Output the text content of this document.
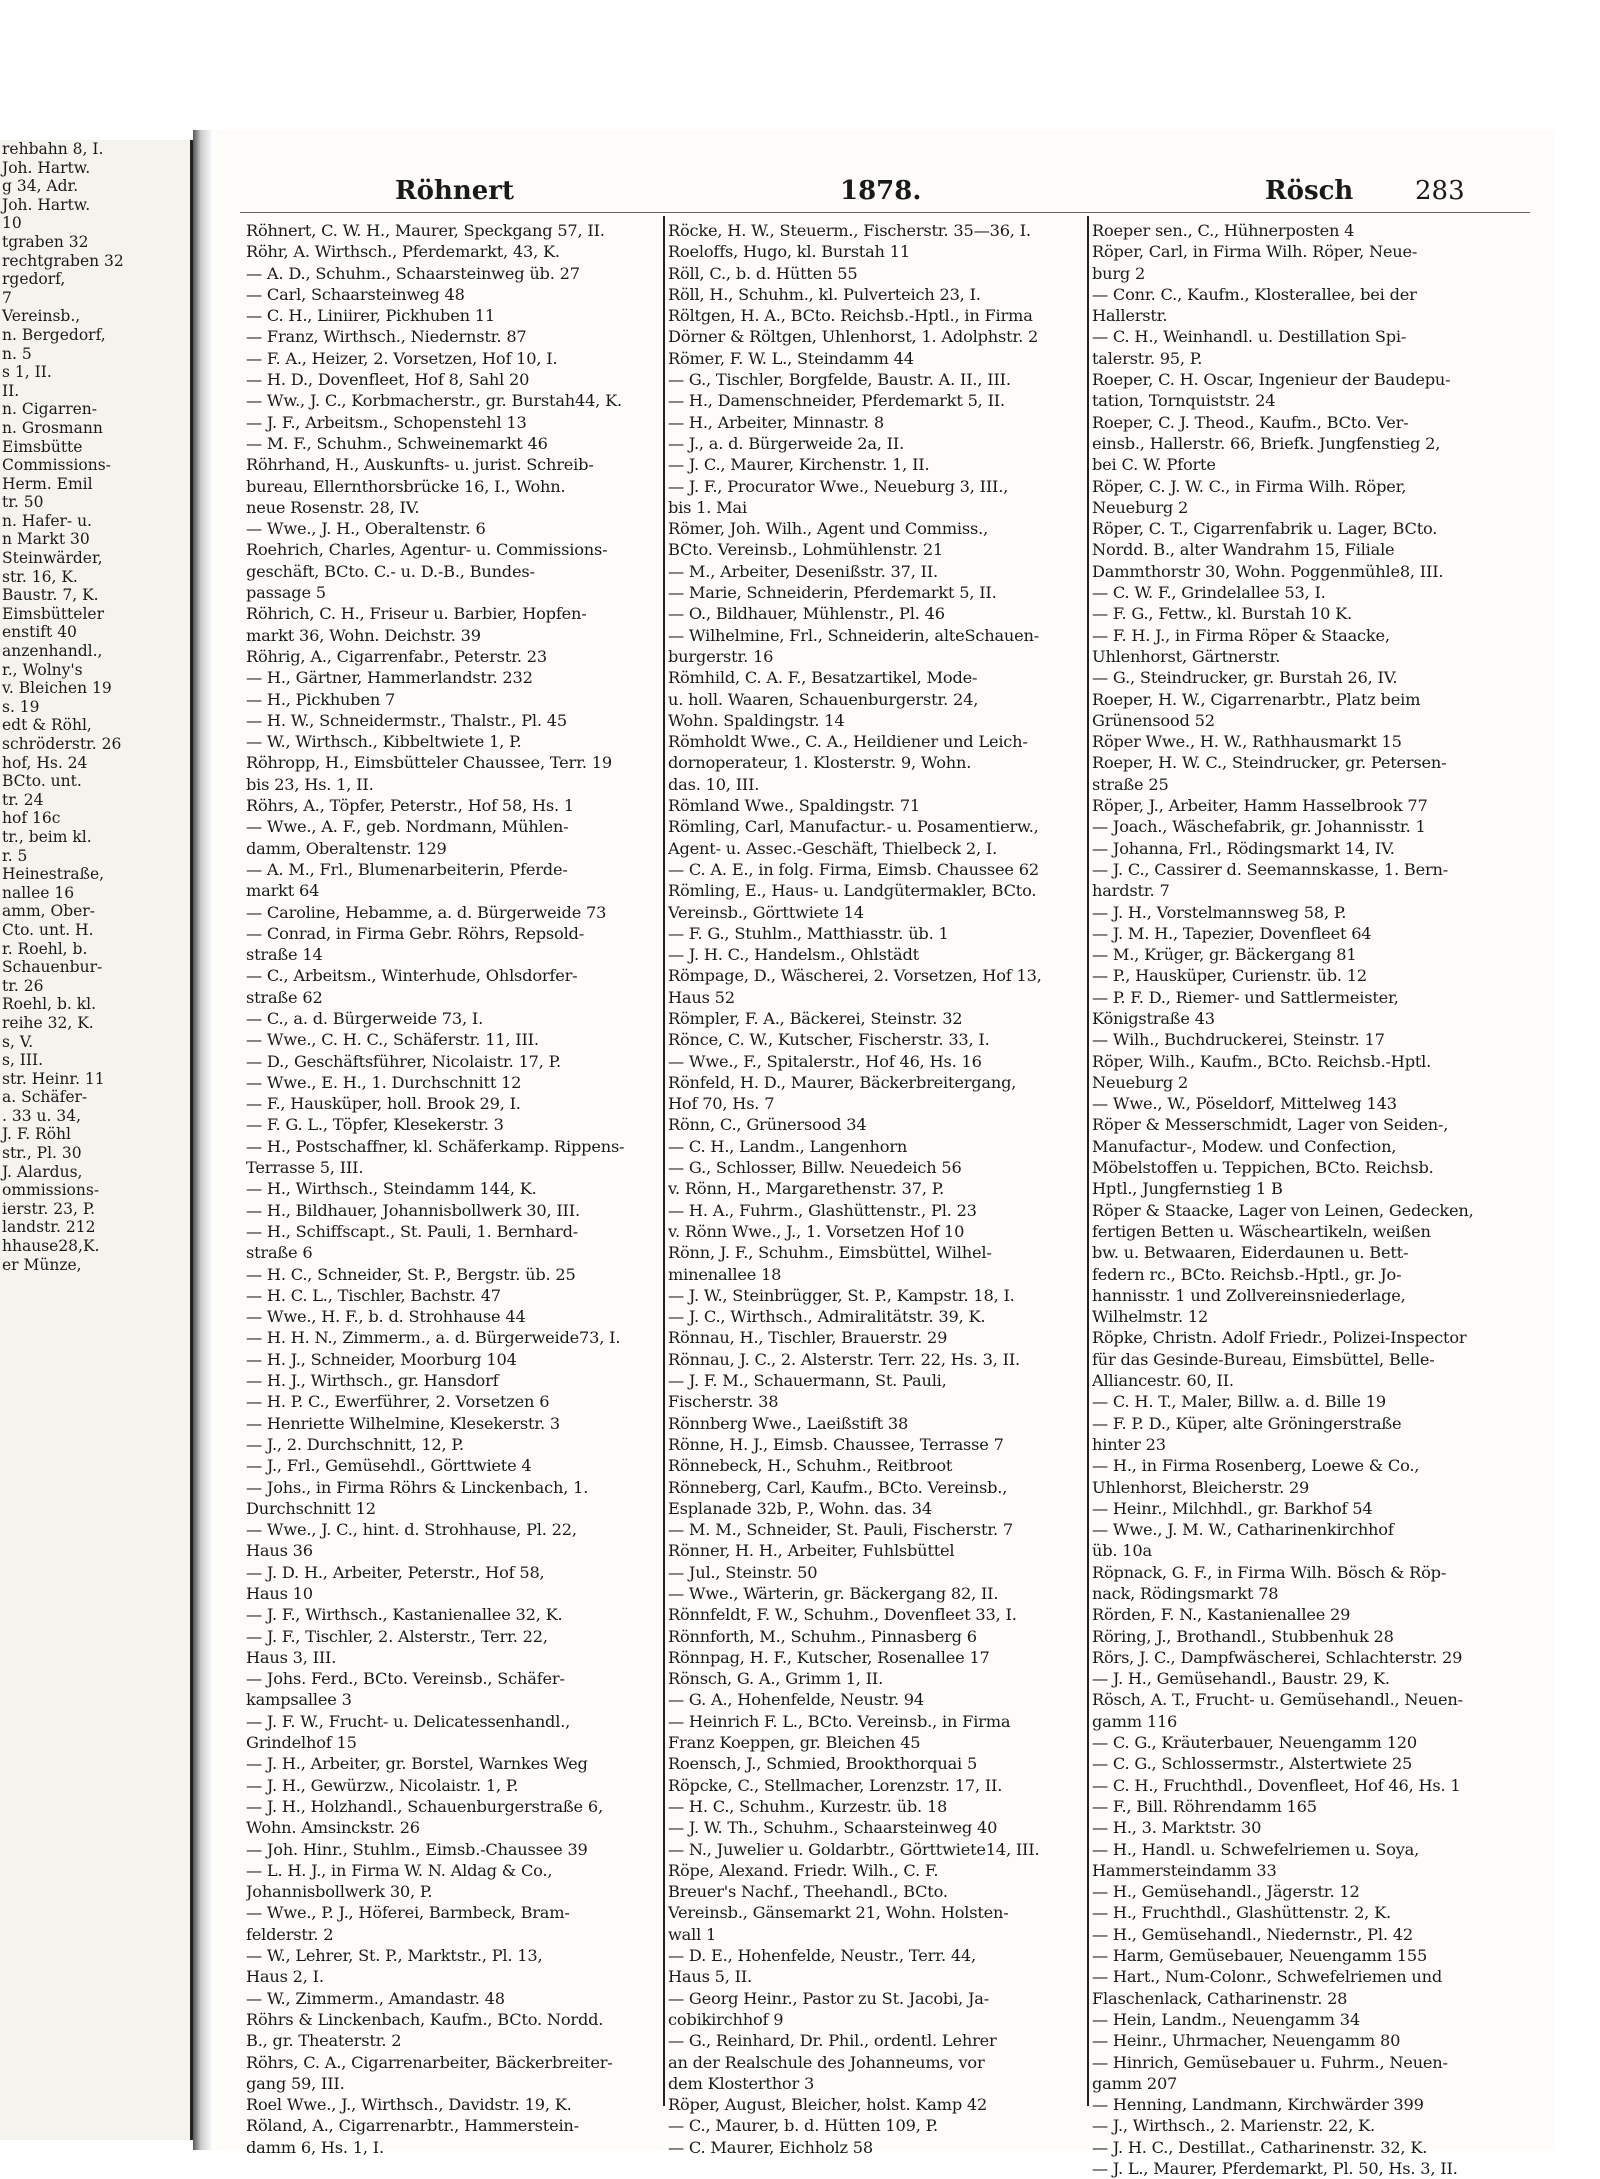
rehbahn 8, I.
Joh. Hartw.
g 34, Adr.
Joh. Hartw.
10
tgraben 32
rechtgraben 32
rgedorf,
7
Vereinsb.,
n. Bergedorf,
n. 5
s 1, II.
II.
n. Cigarren-
n. Grosmann
Eimsbütte
Commissions-
Herm. Emil
tr. 50
n. Hafer- u.
n Markt 30
Steinwärder,
str. 16, K.
Baustr. 7, K.
Eimsbütteler
enstift 40
anzenhandl.,
r., Wolny's
v. Bleichen 19
s. 19
edt & Röhl,
schröderstr. 26
hof, Hs. 24
BCto. unt.
tr. 24
hof 16c
tr., beim kl.
r. 5
Heinestraße,
nallee 16
amm, Ober-
Cto. unt. H.
r. Roehl, b.
Schauenbur-
tr. 26
Roehl, b. kl.
reihe 32, K.
s, V.
s, III.
str. Heinr. 11
a. Schäfer-
. 33 u. 34,
J. F. Röhl
str., Pl. 30
J. Alardus,
ommissions-
ierstr. 23, P.
landstr. 212
hhause28,K.
er Münze,
Röhnert	1878.	Rösch 283
Röhnert, C. W. H., Maurer, Speckgang 57, II.
Röhr, A. Wirthsch., Pferdemarkt, 43, K.
— A. D., Schuhm., Schaarsteinweg üb. 27
— Carl, Schaarsteinweg 48
— C. H., Liniirer, Pickhuben 11
— Franz, Wirthsch., Niedernstr. 87
— F. A., Heizer, 2. Vorsetzen, Hof 10, I.
— H. D., Dovenfleet, Hof 8, Sahl 20
— Ww., J. C., Korbmacherstr., gr. Burstah44, K.
— J. F., Arbeitsm., Schopenstehl 13
— M. F., Schuhm., Schweinemarkt 46
Röhrhand, H., Auskunfts- u. jurist. Schreib-
bureau, Ellernthorsbrücke 16, I., Wohn.
neue Rosenstr. 28, IV.
— Wwe., J. H., Oberaltenstr. 6
Roehrich, Charles, Agentur- u. Commissions-
geschäft, BCto. C.- u. D.-B., Bundes-
passage 5
Röhrich, C. H., Friseur u. Barbier, Hopfen-
markt 36, Wohn. Deichstr. 39
Röhrig, A., Cigarrenfabr., Peterstr. 23
— H., Gärtner, Hammerlandstr. 232
— H., Pickhuben 7
— H. W., Schneidermstr., Thalstr., Pl. 45
— W., Wirthsch., Kibbeltwiete 1, P.
Röhropp, H., Eimsbütteler Chaussee, Terr. 19
bis 23, Hs. 1, II.
Röhrs, A., Töpfer, Peterstr., Hof 58, Hs. 1
— Wwe., A. F., geb. Nordmann, Mühlen-
damm, Oberaltenstr. 129
— A. M., Frl., Blumenarbeiterin, Pferde-
markt 64
— Caroline, Hebamme, a. d. Bürgerweide 73
— Conrad, in Firma Gebr. Röhrs, Repsold-
straße 14
— C., Arbeitsm., Winterhude, Ohlsdorfer-
straße 62
— C., a. d. Bürgerweide 73, I.
— Wwe., C. H. C., Schäferstr. 11, III.
— D., Geschäftsführer, Nicolaistr. 17, P.
— Wwe., E. H., 1. Durchschnitt 12
— F., Hausküper, holl. Brook 29, I.
— F. G. L., Töpfer, Klesekerstr. 3
— H., Postschaffner, kl. Schäferkamp. Rippens-
Terrasse 5, III.
— H., Wirthsch., Steindamm 144, K.
— H., Bildhauer, Johannisbollwerk 30, III.
— H., Schiffscapt., St. Pauli, 1. Bernhard-
straße 6
— H. C., Schneider, St. P., Bergstr. üb. 25
— H. C. L., Tischler, Bachstr. 47
— Wwe., H. F., b. d. Strohhause 44
— H. H. N., Zimmerm., a. d. Bürgerweide73, I.
— H. J., Schneider, Moorburg 104
— H. J., Wirthsch., gr. Hansdorf
— H. P. C., Ewerführer, 2. Vorsetzen 6
— Henriette Wilhelmine, Klesekerstr. 3
— J., 2. Durchschnitt, 12, P.
— J., Frl., Gemüsehdl., Görttwiete 4
— Johs., in Firma Röhrs & Linckenbach, 1.
Durchschnitt 12
— Wwe., J. C., hint. d. Strohhause, Pl. 22,
Haus 36
— J. D. H., Arbeiter, Peterstr., Hof 58,
Haus 10
— J. F., Wirthsch., Kastanienallee 32, K.
— J. F., Tischler, 2. Alsterstr., Terr. 22,
Haus 3, III.
— Johs. Ferd., BCto. Vereinsb., Schäfer-
kampsallee 3
— J. F. W., Frucht- u. Delicatessenhandl.,
Grindelhof 15
— J. H., Arbeiter, gr. Borstel, Warnkes Weg
— J. H., Gewürzw., Nicolaistr. 1, P.
— J. H., Holzhandl., Schauenburgerstraße 6,
Wohn. Amsinckstr. 26
— Joh. Hinr., Stuhlm., Eimsb.-Chaussee 39
— L. H. J., in Firma W. N. Aldag & Co.,
Johannisbollwerk 30, P.
— Wwe., P. J., Höferei, Barmbeck, Bram-
felderstr. 2
— W., Lehrer, St. P., Marktstr., Pl. 13,
Haus 2, I.
— W., Zimmerm., Amandastr. 48
Röhrs & Linckenbach, Kaufm., BCto. Nordd.
B., gr. Theaterstr. 2
Röhrs, C. A., Cigarrenarbeiter, Bäckerbreiter-
gang 59, III.
Roel Wwe., J., Wirthsch., Davidstr. 19, K.
Röland, A., Cigarrenarbtr., Hammerstein-
damm 6, Hs. 1, I.
Röcke, H. W., Steuerm., Fischerstr. 35—36, I.
Roeloffs, Hugo, kl. Burstah 11
Röll, C., b. d. Hütten 55
Röll, H., Schuhm., kl. Pulverteich 23, I.
Röltgen, H. A., BCto. Reichsb.-Hptl., in Firma
Dörner & Röltgen, Uhlenhorst, 1. Adolphstr. 2
Römer, F. W. L., Steindamm 44
— G., Tischler, Borgfelde, Baustr. A. II., III.
— H., Damenschneider, Pferdemarkt 5, II.
— H., Arbeiter, Minnastr. 8
— J., a. d. Bürgerweide 2a, II.
— J. C., Maurer, Kirchenstr. 1, II.
— J. F., Procurator Wwe., Neueburg 3, III.,
bis 1. Mai
Römer, Joh. Wilh., Agent und Commiss.,
BCto. Vereinsb., Lohmühlenstr. 21
— M., Arbeiter, Desenißstr. 37, II.
— Marie, Schneiderin, Pferdemarkt 5, II.
— O., Bildhauer, Mühlenstr., Pl. 46
— Wilhelmine, Frl., Schneiderin, alteSchauen-
burgerstr. 16
Römhild, C. A. F., Besatzartikel, Mode-
u. holl. Waaren, Schauenburgerstr. 24,
Wohn. Spaldingstr. 14
Römholdt Wwe., C. A., Heildiener und Leich-
dornoperateur, 1. Klosterstr. 9, Wohn.
das. 10, III.
Römland Wwe., Spaldingstr. 71
Römling, Carl, Manufactur.- u. Posamentierw.,
Agent- u. Assec.-Geschäft, Thielbeck 2, I.
— C. A. E., in folg. Firma, Eimsb. Chaussee 62
Römling, E., Haus- u. Landgütermakler, BCto.
Vereinsb., Görttwiete 14
— F. G., Stuhlm., Matthiasstr. üb. 1
— J. H. C., Handelsm., Ohlstädt
Römpage, D., Wäscherei, 2. Vorsetzen, Hof 13,
Haus 52
Römpler, F. A., Bäckerei, Steinstr. 32
Rönce, C. W., Kutscher, Fischerstr. 33, I.
— Wwe., F., Spitalerstr., Hof 46, Hs. 16
Rönfeld, H. D., Maurer, Bäckerbreitergang,
Hof 70, Hs. 7
Rönn, C., Grünersood 34
— C. H., Landm., Langenhorn
— G., Schlosser, Billw. Neuedeich 56
v. Rönn, H., Margarethenstr. 37, P.
— H. A., Fuhrm., Glashüttenstr., Pl. 23
v. Rönn Wwe., J., 1. Vorsetzen Hof 10
Rönn, J. F., Schuhm., Eimsbüttel, Wilhel-
minenallee 18
— J. W., Steinbrügger, St. P., Kampstr. 18, I.
— J. C., Wirthsch., Admiralitätstr. 39, K.
Rönnau, H., Tischler, Brauerstr. 29
Rönnau, J. C., 2. Alsterstr. Terr. 22, Hs. 3, II.
— J. F. M., Schauermann, St. Pauli,
Fischerstr. 38
Rönnberg Wwe., Laeißstift 38
Rönne, H. J., Eimsb. Chaussee, Terrasse 7
Rönnebeck, H., Schuhm., Reitbroot
Rönneberg, Carl, Kaufm., BCto. Vereinsb.,
Esplanade 32b, P., Wohn. das. 34
— M. M., Schneider, St. Pauli, Fischerstr. 7
Rönner, H. H., Arbeiter, Fuhlsbüttel
— Jul., Steinstr. 50
— Wwe., Wärterin, gr. Bäckergang 82, II.
Rönnfeldt, F. W., Schuhm., Dovenfleet 33, I.
Rönnforth, M., Schuhm., Pinnasberg 6
Rönnpag, H. F., Kutscher, Rosenallee 17
Rönsch, G. A., Grimm 1, II.
— G. A., Hohenfelde, Neustr. 94
— Heinrich F. L., BCto. Vereinsb., in Firma
Franz Koeppen, gr. Bleichen 45
Roensch, J., Schmied, Brookthorquai 5
Röpcke, C., Stellmacher, Lorenzstr. 17, II.
— H. C., Schuhm., Kurzestr. üb. 18
— J. W. Th., Schuhm., Schaarsteinweg 40
— N., Juwelier u. Goldarbtr., Görttwiete14, III.
Röpe, Alexand. Friedr. Wilh., C. F.
Breuer's Nachf., Theehandl., BCto.
Vereinsb., Gänsemarkt 21, Wohn. Holsten-
wall 1
— D. E., Hohenfelde, Neustr., Terr. 44,
Haus 5, II.
— Georg Heinr., Pastor zu St. Jacobi, Ja-
cobikirchhof 9
— G., Reinhard, Dr. Phil., ordentl. Lehrer
an der Realschule des Johanneums, vor
dem Klosterthor 3
Röper, August, Bleicher, holst. Kamp 42
— C., Maurer, b. d. Hütten 109, P.
— C. Maurer, Eichholz 58
Roeper sen., C., Hühnerposten 4
Röper, Carl, in Firma Wilh. Röper, Neue-
burg 2
— Conr. C., Kaufm., Klosterallee, bei der
Hallerstr.
— C. H., Weinhandl. u. Destillation Spi-
talerstr. 95, P.
Roeper, C. H. Oscar, Ingenieur der Baudepu-
tation, Tornquiststr. 24
Roeper, C. J. Theod., Kaufm., BCto. Ver-
einsb., Hallerstr. 66, Briefk. Jungfenstieg 2,
bei C. W. Pforte
Röper, C. J. W. C., in Firma Wilh. Röper,
Neueburg 2
Röper, C. T., Cigarrenfabrik u. Lager, BCto.
Nordd. B., alter Wandrahm 15, Filiale
Dammthorstr 30, Wohn. Poggenmühle8, III.
— C. W. F., Grindelallee 53, I.
— F. G., Fettw., kl. Burstah 10 K.
— F. H. J., in Firma Röper & Staacke,
Uhlenhorst, Gärtnerstr.
— G., Steindrucker, gr. Burstah 26, IV.
Roeper, H. W., Cigarrenarbtr., Platz beim
Grünensood 52
Röper Wwe., H. W., Rathhausmarkt 15
Roeper, H. W. C., Steindrucker, gr. Petersen-
straße 25
Röper, J., Arbeiter, Hamm Hasselbrook 77
— Joach., Wäschefabrik, gr. Johannisstr. 1
— Johanna, Frl., Rödingsmarkt 14, IV.
— J. C., Cassirer d. Seemannskasse, 1. Bern-
hardstr. 7
— J. H., Vorstelmannsweg 58, P.
— J. M. H., Tapezier, Dovenfleet 64
— M., Krüger, gr. Bäckergang 81
— P., Hausküper, Curienstr. üb. 12
— P. F. D., Riemer- und Sattlermeister,
Königstraße 43
— Wilh., Buchdruckerei, Steinstr. 17
Röper, Wilh., Kaufm., BCto. Reichsb.-Hptl.
Neueburg 2
— Wwe., W., Pöseldorf, Mittelweg 143
Röper & Messerschmidt, Lager von Seiden-,
Manufactur-, Modew. und Confection,
Möbelstoffen u. Teppichen, BCto. Reichsb.
Hptl., Jungfernstieg 1 B
Röper & Staacke, Lager von Leinen, Gedecken,
fertigen Betten u. Wäscheartikeln, weißen
bw. u. Betwaaren, Eiderdaunen u. Bett-
federn rc., BCto. Reichsb.-Hptl., gr. Jo-
hannisstr. 1 und Zollvereinsniederlage,
Wilhelmstr. 12
Röpke, Christn. Adolf Friedr., Polizei-Inspector
für das Gesinde-Bureau, Eimsbüttel, Belle-
Alliancestr. 60, II.
— C. H. T., Maler, Billw. a. d. Bille 19
— F. P. D., Küper, alte Gröningerstraße
hinter 23
— H., in Firma Rosenberg, Loewe & Co.,
Uhlenhorst, Bleicherstr. 29
— Heinr., Milchhdl., gr. Barkhof 54
— Wwe., J. M. W., Catharinenkirchhof
üb. 10a
Röpnack, G. F., in Firma Wilh. Bösch & Röp-
nack, Rödingsmarkt 78
Rörden, F. N., Kastanienallee 29
Röring, J., Brothandl., Stubbenhuk 28
Rörs, J. C., Dampfwäscherei, Schlachterstr. 29
— J. H., Gemüsehandl., Baustr. 29, K.
Rösch, A. T., Frucht- u. Gemüsehandl., Neuen-
gamm 116
— C. G., Kräuterbauer, Neuengamm 120
— C. G., Schlossermstr., Alstertwiete 25
— C. H., Fruchthdl., Dovenfleet, Hof 46, Hs. 1
— F., Bill. Röhrendamm 165
— H., 3. Marktstr. 30
— H., Handl. u. Schwefelriemen u. Soya,
Hammersteindamm 33
— H., Gemüsehandl., Jägerstr. 12
— H., Fruchthdl., Glashüttenstr. 2, K.
— H., Gemüsehandl., Niedernstr., Pl. 42
— Harm, Gemüsebauer, Neuengamm 155
— Hart., Num-Colonr., Schwefelriemen und
Flaschenlack, Catharinenstr. 28
— Hein, Landm., Neuengamm 34
— Heinr., Uhrmacher, Neuengamm 80
— Hinrich, Gemüsebauer u. Fuhrm., Neuen-
gamm 207
— Henning, Landmann, Kirchwärder 399
— J., Wirthsch., 2. Marienstr. 22, K.
— J. H. C., Destillat., Catharinenstr. 32, K.
— J. L., Maurer, Pferdemarkt, Pl. 50, Hs. 3, II.
